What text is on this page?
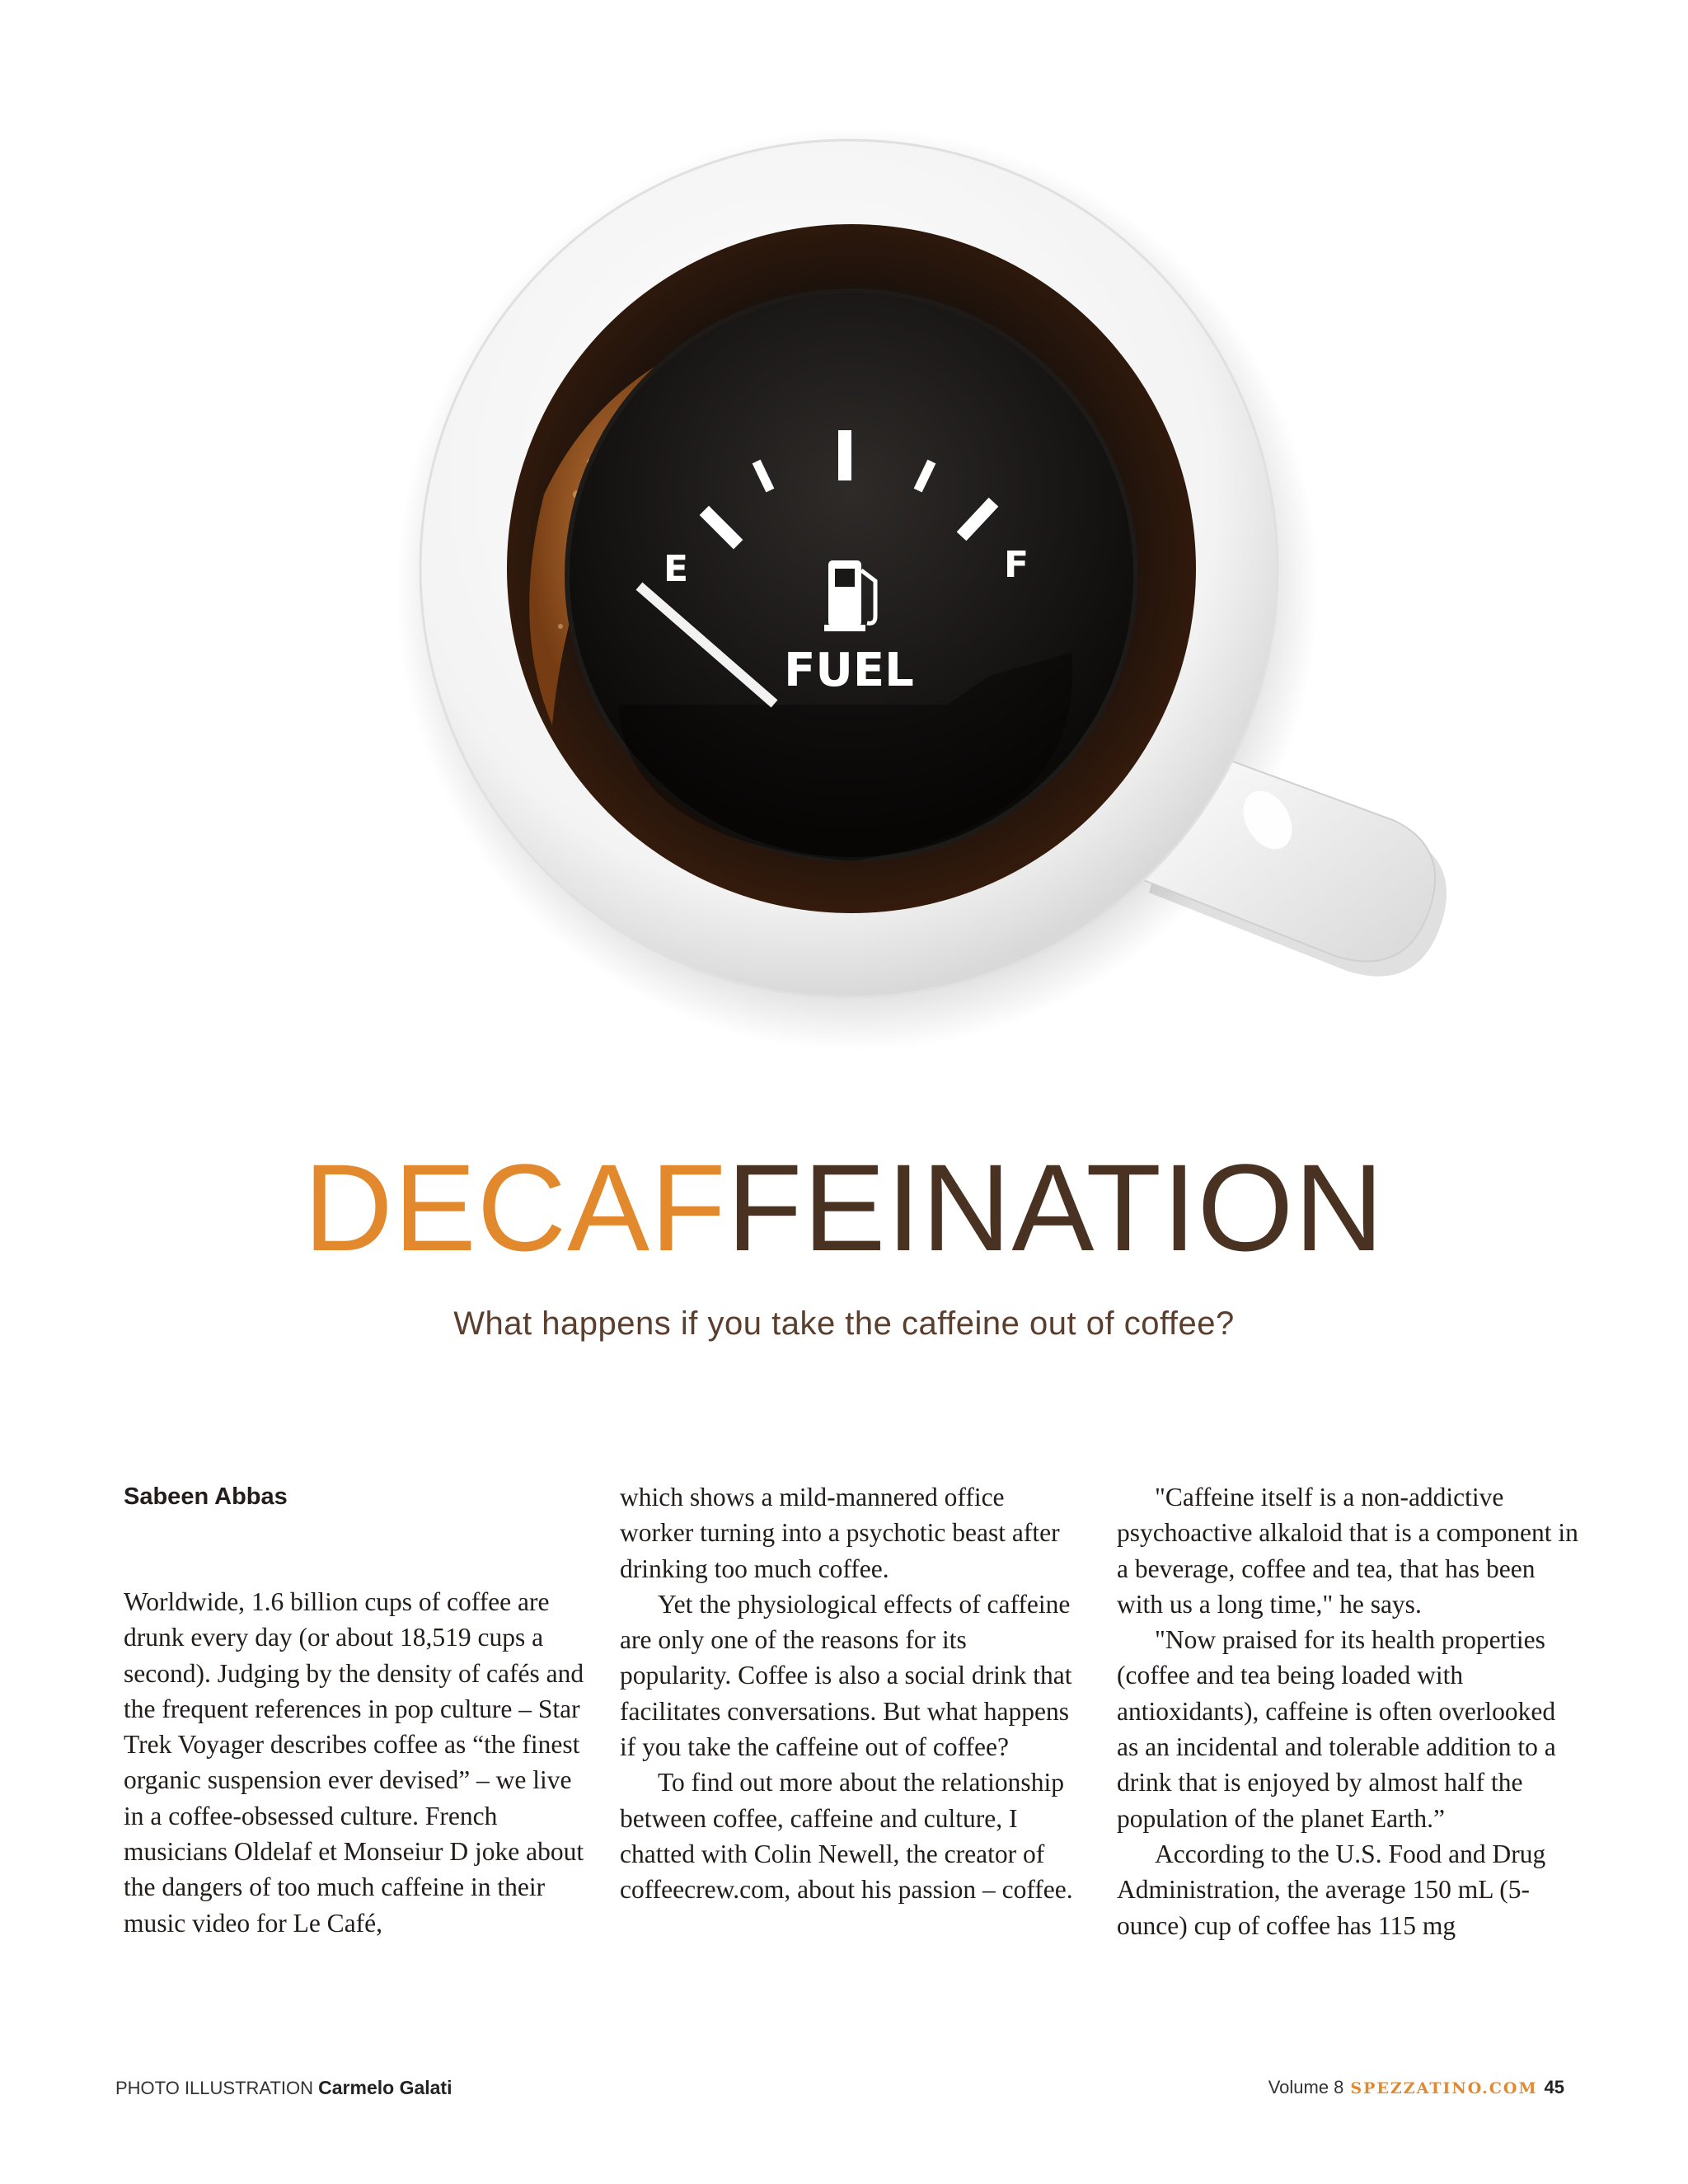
E	F
FUEL
DECAFFEINATION
What happens if you take the caffeine out of coffee?
Sabeen Abbas

Worldwide, 1.6 billion cups of coffee are drunk every day (or about 18,519 cups a second). Judging by the density of cafés and the frequent references in pop culture – Star Trek Voyager describes coffee as “the finest organic suspension ever devised” – we live in a coffee-obsessed culture. French musicians Oldelaf et Monseiur D joke about the dangers of too much caffeine in their music video for Le Café,

which shows a mild-mannered office worker turning into a psychotic beast after drinking too much coffee.

Yet the physiological effects of caffeine are only one of the reasons for its popularity. Coffee is also a social drink that facilitates conversations. But what happens if you take the caffeine out of coffee?

To find out more about the relationship between coffee, caffeine and culture, I chatted with Colin Newell, the creator of coffeecrew.com, about his passion – coffee.

"Caffeine itself is a non-addictive psychoactive alkaloid that is a component in a beverage, coffee and tea, that has been with us a long time," he says.

"Now praised for its health properties (coffee and tea being loaded with antioxidants), caffeine is often overlooked as an incidental and tolerable addition to a drink that is enjoyed by almost half the population of the planet Earth.”

According to the U.S. Food and Drug Administration, the average 150 mL (5-ounce) cup of coffee has 115 mg

PHOTO ILLUSTRATION Carmelo Galati	Volume 8 SPEZZATINO.COM 45
